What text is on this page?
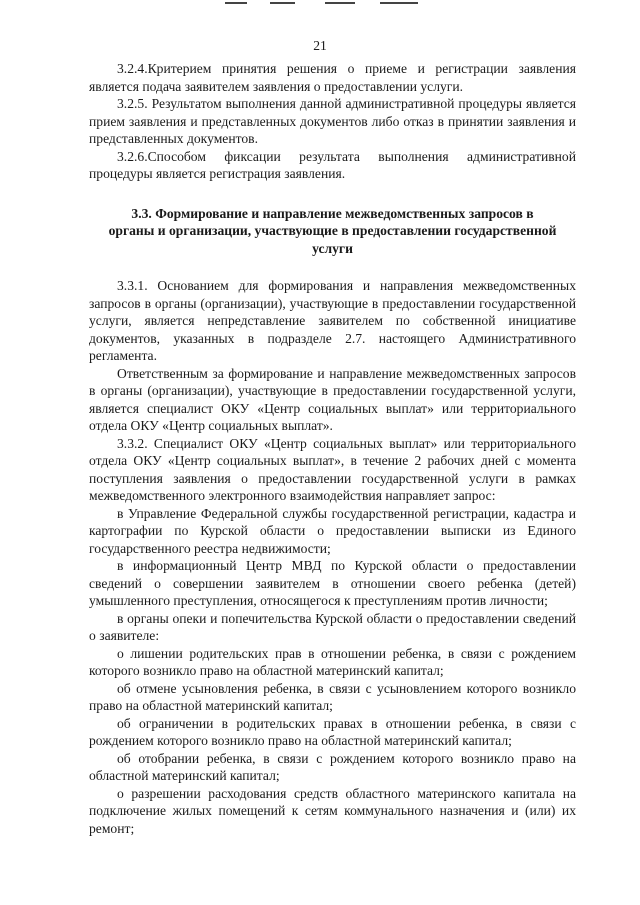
21

3.2.4.Критерием принятия решения о приеме и регистрации заявления является подача заявителем заявления о предоставлении услуги.

3.2.5. Результатом выполнения данной административной процедуры является прием заявления и представленных документов либо отказ в принятии заявления и представленных документов.

3.2.6.Способом фиксации результата выполнения административной процедуры является регистрация заявления.

3.3. Формирование и направление межведомственных запросов в органы и организации, участвующие в предоставлении государственной услуги

3.3.1. Основанием для формирования и направления межведомственных запросов в органы (организации), участвующие в предоставлении государственной услуги, является непредставление заявителем по собственной инициативе документов, указанных в подразделе 2.7. настоящего Административного регламента.

Ответственным за формирование и направление межведомственных запросов в органы (организации), участвующие в предоставлении государственной услуги, является специалист ОКУ «Центр социальных выплат» или территориального отдела ОКУ «Центр социальных выплат».

3.3.2. Специалист ОКУ «Центр социальных выплат» или территориального отдела ОКУ «Центр социальных выплат», в течение 2 рабочих дней с момента поступления заявления о предоставлении государственной услуги в рамках межведомственного электронного взаимодействия направляет запрос:

в Управление Федеральной службы государственной регистрации, кадастра и картографии по Курской области о предоставлении выписки из Единого государственного реестра недвижимости;

в информационный Центр МВД по Курской области о предоставлении сведений о совершении заявителем в отношении своего ребенка (детей) умышленного преступления, относящегося к преступлениям против личности;

в органы опеки и попечительства Курской области о предоставлении сведений о заявителе:

о лишении родительских прав в отношении ребенка, в связи с рождением которого возникло право на областной материнский капитал;

об отмене усыновления ребенка, в связи с усыновлением которого возникло право на областной материнский капитал;

об ограничении в родительских правах в отношении ребенка, в связи с рождением которого возникло право на областной материнский капитал;

об отобрании ребенка, в связи с рождением которого возникло право на областной материнский капитал;

о разрешении расходования средств областного материнского капитала на подключение жилых помещений к сетям коммунального назначения и (или) их ремонт;
